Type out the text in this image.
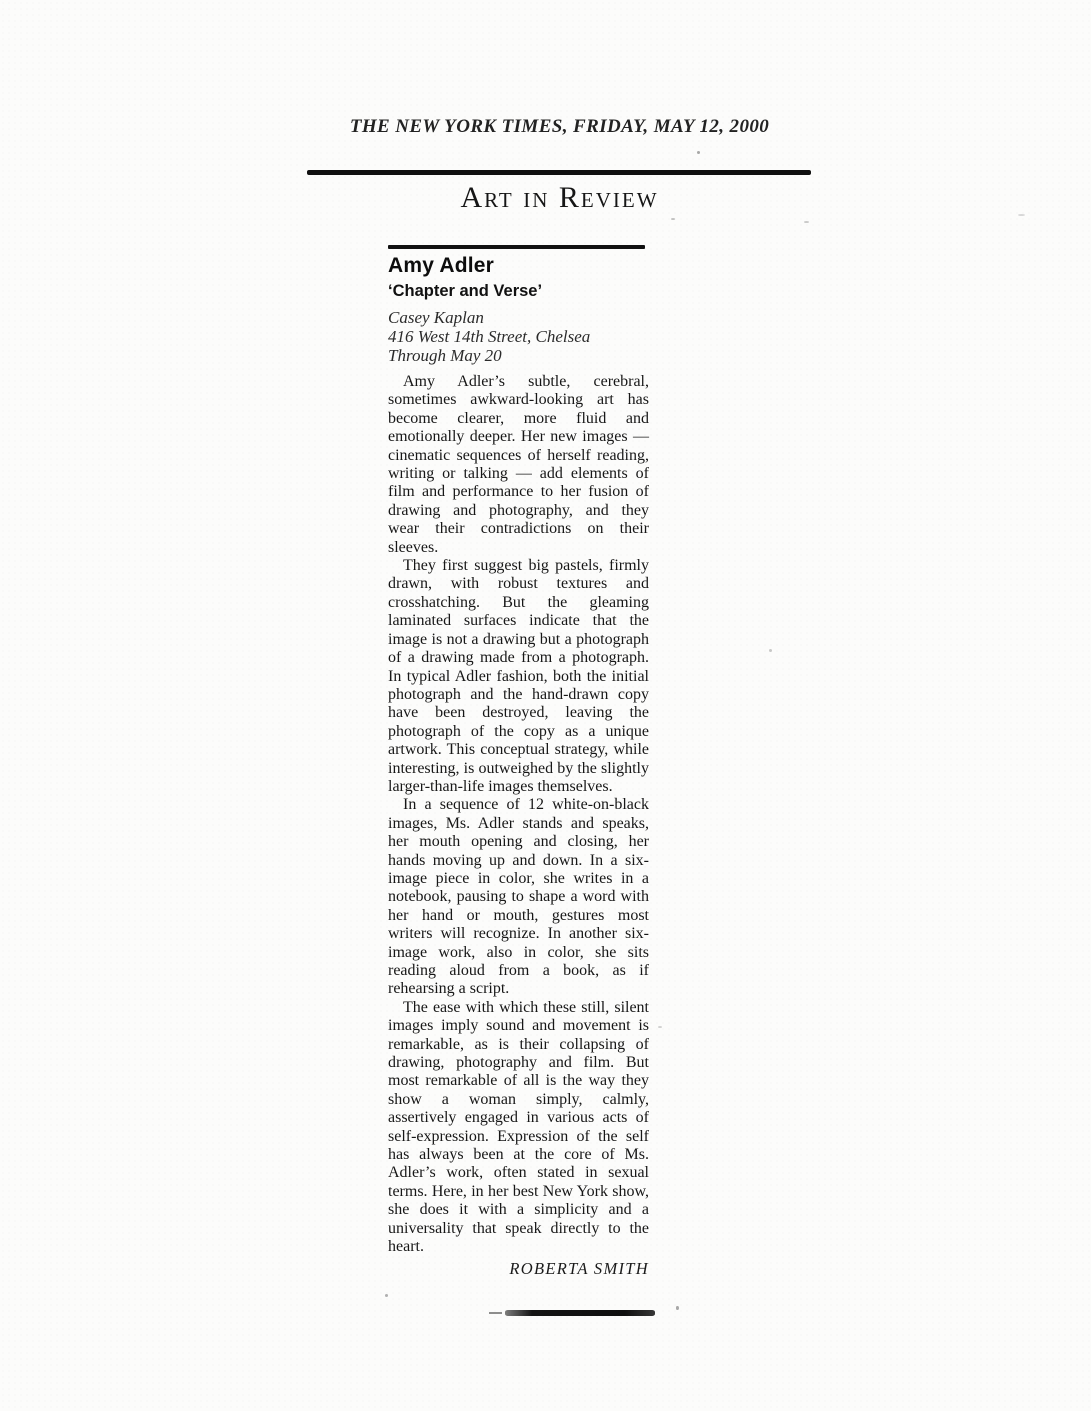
THE NEW YORK TIMES, FRIDAY, MAY 12, 2000
Art in Review
Amy Adler
‘Chapter and Verse’

Casey Kaplan

416 West 14th Street, Chelsea

Through May 20

Amy Adler’s subtle, cerebral, sometimes awkward-looking art has become clearer, more fluid and emotionally deeper. Her new images — cinematic sequences of herself reading, writing or talking — add elements of film and performance to her fusion of drawing and photography, and they wear their contradictions on their sleeves.

They first suggest big pastels, firmly drawn, with robust textures and crosshatching. But the gleaming laminated surfaces indicate that the image is not a drawing but a photograph of a drawing made from a photograph. In typical Adler fashion, both the initial photograph and the hand-drawn copy have been destroyed, leaving the photograph of the copy as a unique artwork. This conceptual strategy, while interesting, is outweighed by the slightly larger-than-life images themselves.

In a sequence of 12 white-on-black images, Ms. Adler stands and speaks, her mouth opening and closing, her hands moving up and down. In a six-image piece in color, she writes in a notebook, pausing to shape a word with her hand or mouth, gestures most writers will recognize. In another six-image work, also in color, she sits reading aloud from a book, as if rehearsing a script.

The ease with which these still, silent images imply sound and movement is remarkable, as is their collapsing of drawing, photography and film. But most remarkable of all is the way they show a woman simply, calmly, assertively engaged in various acts of self-expression. Expression of the self has always been at the core of Ms. Adler’s work, often stated in sexual terms. Here, in her best New York show, she does it with a simplicity and a universality that speak directly to the heart.

ROBERTA SMITH
